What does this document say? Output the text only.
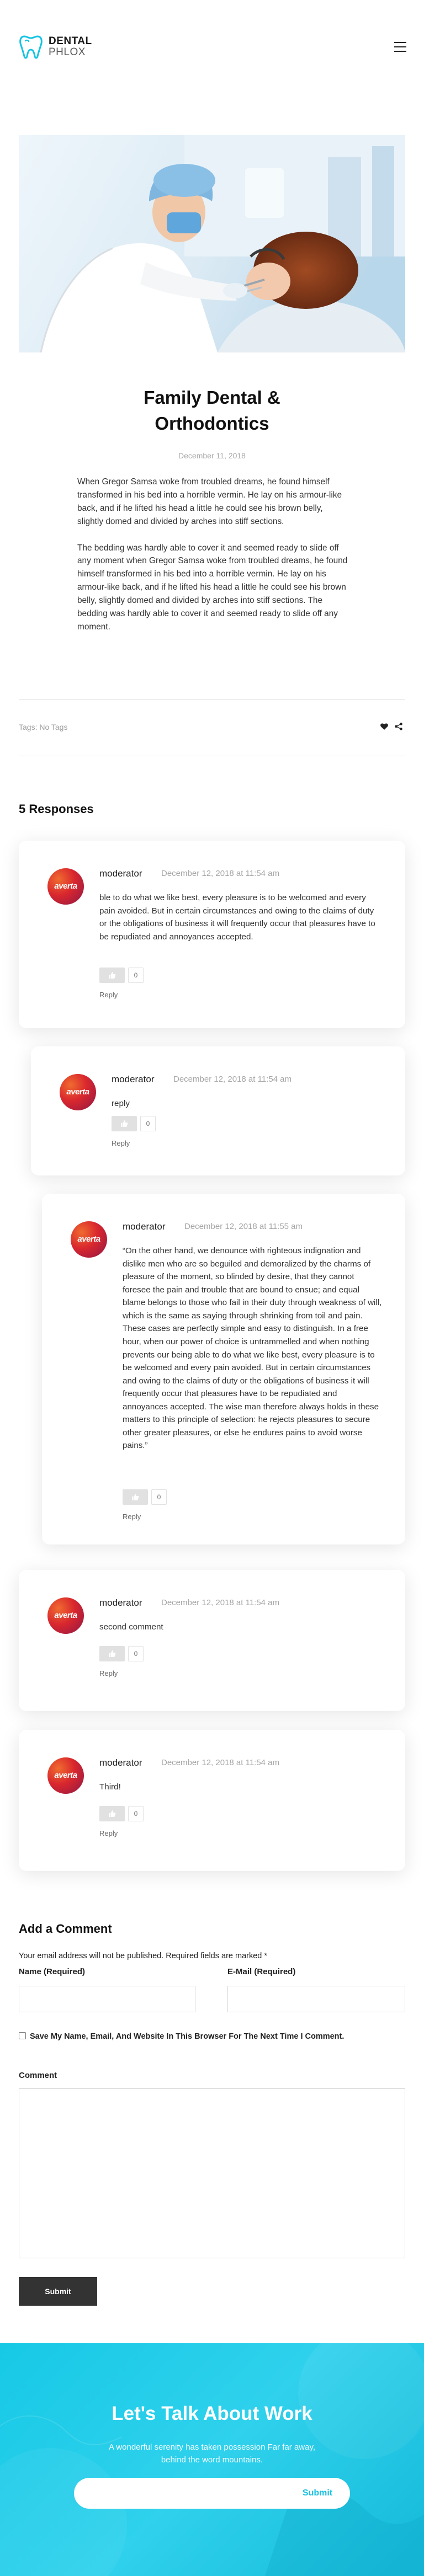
DENTAL
PHLOX
Family Dental &
Orthodontics
December 11, 2018

When Gregor Samsa woke from troubled dreams, he found himself transformed in his bed into a horrible vermin. He lay on his armour-like back, and if he lifted his head a little he could see his brown belly, slightly domed and divided by arches into stiff sections.

The bedding was hardly able to cover it and seemed ready to slide off any moment when Gregor Samsa woke from troubled dreams, he found himself transformed in his bed into a horrible vermin. He lay on his armour-like back, and if he lifted his head a little he could see his brown belly, slightly domed and divided by arches into stiff sections. The bedding was hardly able to cover it and seemed ready to slide off any moment.

Tags: No Tags
5 Responses
averta
moderator December 12, 2018 at 11:54 am
ble to do what we like best, every pleasure is to be welcomed and every pain avoided. But in certain circumstances and owing to the claims of duty or the obligations of business it will frequently occur that pleasures have to be repudiated and annoyances accepted.
0
Reply
averta
moderator December 12, 2018 at 11:54 am
reply
0
Reply
averta
moderator December 12, 2018 at 11:55 am
“On the other hand, we denounce with righteous indignation and dislike men who are so beguiled and demoralized by the charms of pleasure of the moment, so blinded by desire, that they cannot foresee the pain and trouble that are bound to ensue; and equal blame belongs to those who fail in their duty through weakness of will, which is the same as saying through shrinking from toil and pain. These cases are perfectly simple and easy to distinguish. In a free hour, when our power of choice is untrammelled and when nothing prevents our being able to do what we like best, every pleasure is to be welcomed and every pain avoided. But in certain circumstances and owing to the claims of duty or the obligations of business it will frequently occur that pleasures have to be repudiated and annoyances accepted. The wise man therefore always holds in these matters to this principle of selection: he rejects pleasures to secure other greater pleasures, or else he endures pains to avoid worse pains.”
0
Reply
averta
moderator December 12, 2018 at 11:54 am
second comment
0
Reply
averta
moderator December 12, 2018 at 11:54 am
Third!
0
Reply
Add a Comment
Your email address will not be published. Required fields are marked *
Name (Required)	E-Mail (Required)
Save My Name, Email, And Website In This Browser For The Next Time I Comment.
Comment
Submit
Let's Talk About Work
A wonderful serenity has taken possession Far far away, behind the word mountains.
Submit
